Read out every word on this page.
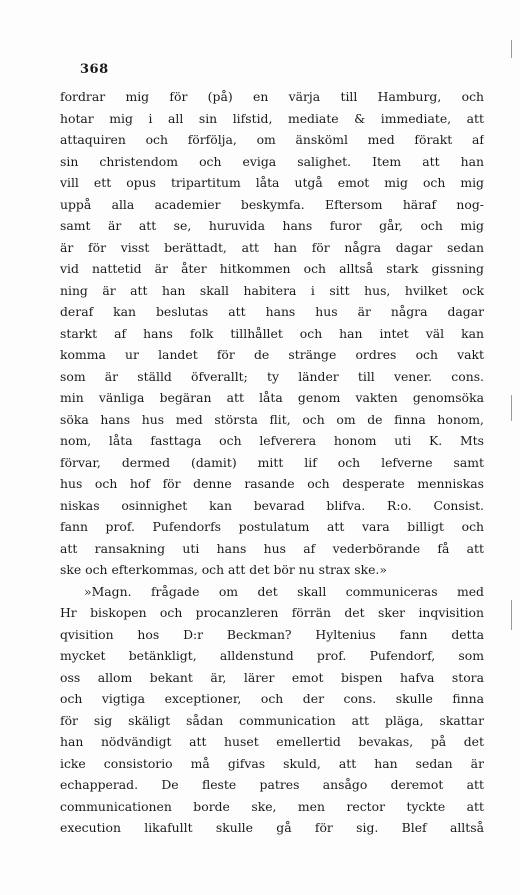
368
fordrar mig för (på) en värja till Hamburg, och
hotar mig i all sin lifstid, mediate & immediate, att
attaquiren och förfölja, om änsköml med förakt af
sin christendom och eviga salighet. Item att han
vill ett opus tripartitum låta utgå emot mig och mig
uppå alla academier beskymfa. Eftersom häraf nog-
samt är att se, huruvida hans furor går, och mig
är för visst berättadt, att han för några dagar sedan
vid nattetid är åter hitkommen och alltså stark gissning
ning är att han skall habitera i sitt hus, hvilket ock
deraf kan beslutas att hans hus är några dagar
starkt af hans folk tillhållet och han intet väl kan
komma ur landet för de stränge ordres och vakt
som är ställd öfverallt; ty länder till vener. cons.
min vänliga begäran att låta genom vakten genomsöka
söka hans hus med största flit, och om de finna honom,
nom, låta fasttaga och lefverera honom uti K. Mts
förvar, dermed (damit) mitt lif och lefverne samt
hus och hof för denne rasande och desperate menniskas
niskas osinnighet kan bevarad blifva. R:o. Consist.
fann prof. Pufendorfs postulatum att vara billigt och
att ransakning uti hans hus af vederbörande få att
ske och efterkommas, och att det bör nu strax ske.»
»Magn. frågade om det skall communiceras med
Hr biskopen och procanzleren förrän det sker inqvisition
qvisition hos D:r Beckman? Hyltenius fann detta
mycket betänkligt, alldenstund prof. Pufendorf, som
oss allom bekant är, lärer emot bispen hafva stora
och vigtiga exceptioner, och der cons. skulle finna
för sig skäligt sådan communication att pläga, skattar
han nödvändigt att huset emellertid bevakas, på det
icke consistorio må gifvas skuld, att han sedan är
echapperad. De fleste patres ansågo deremot att
communicationen borde ske, men rector tyckte att
execution likafullt skulle gå för sig. Blef alltså
